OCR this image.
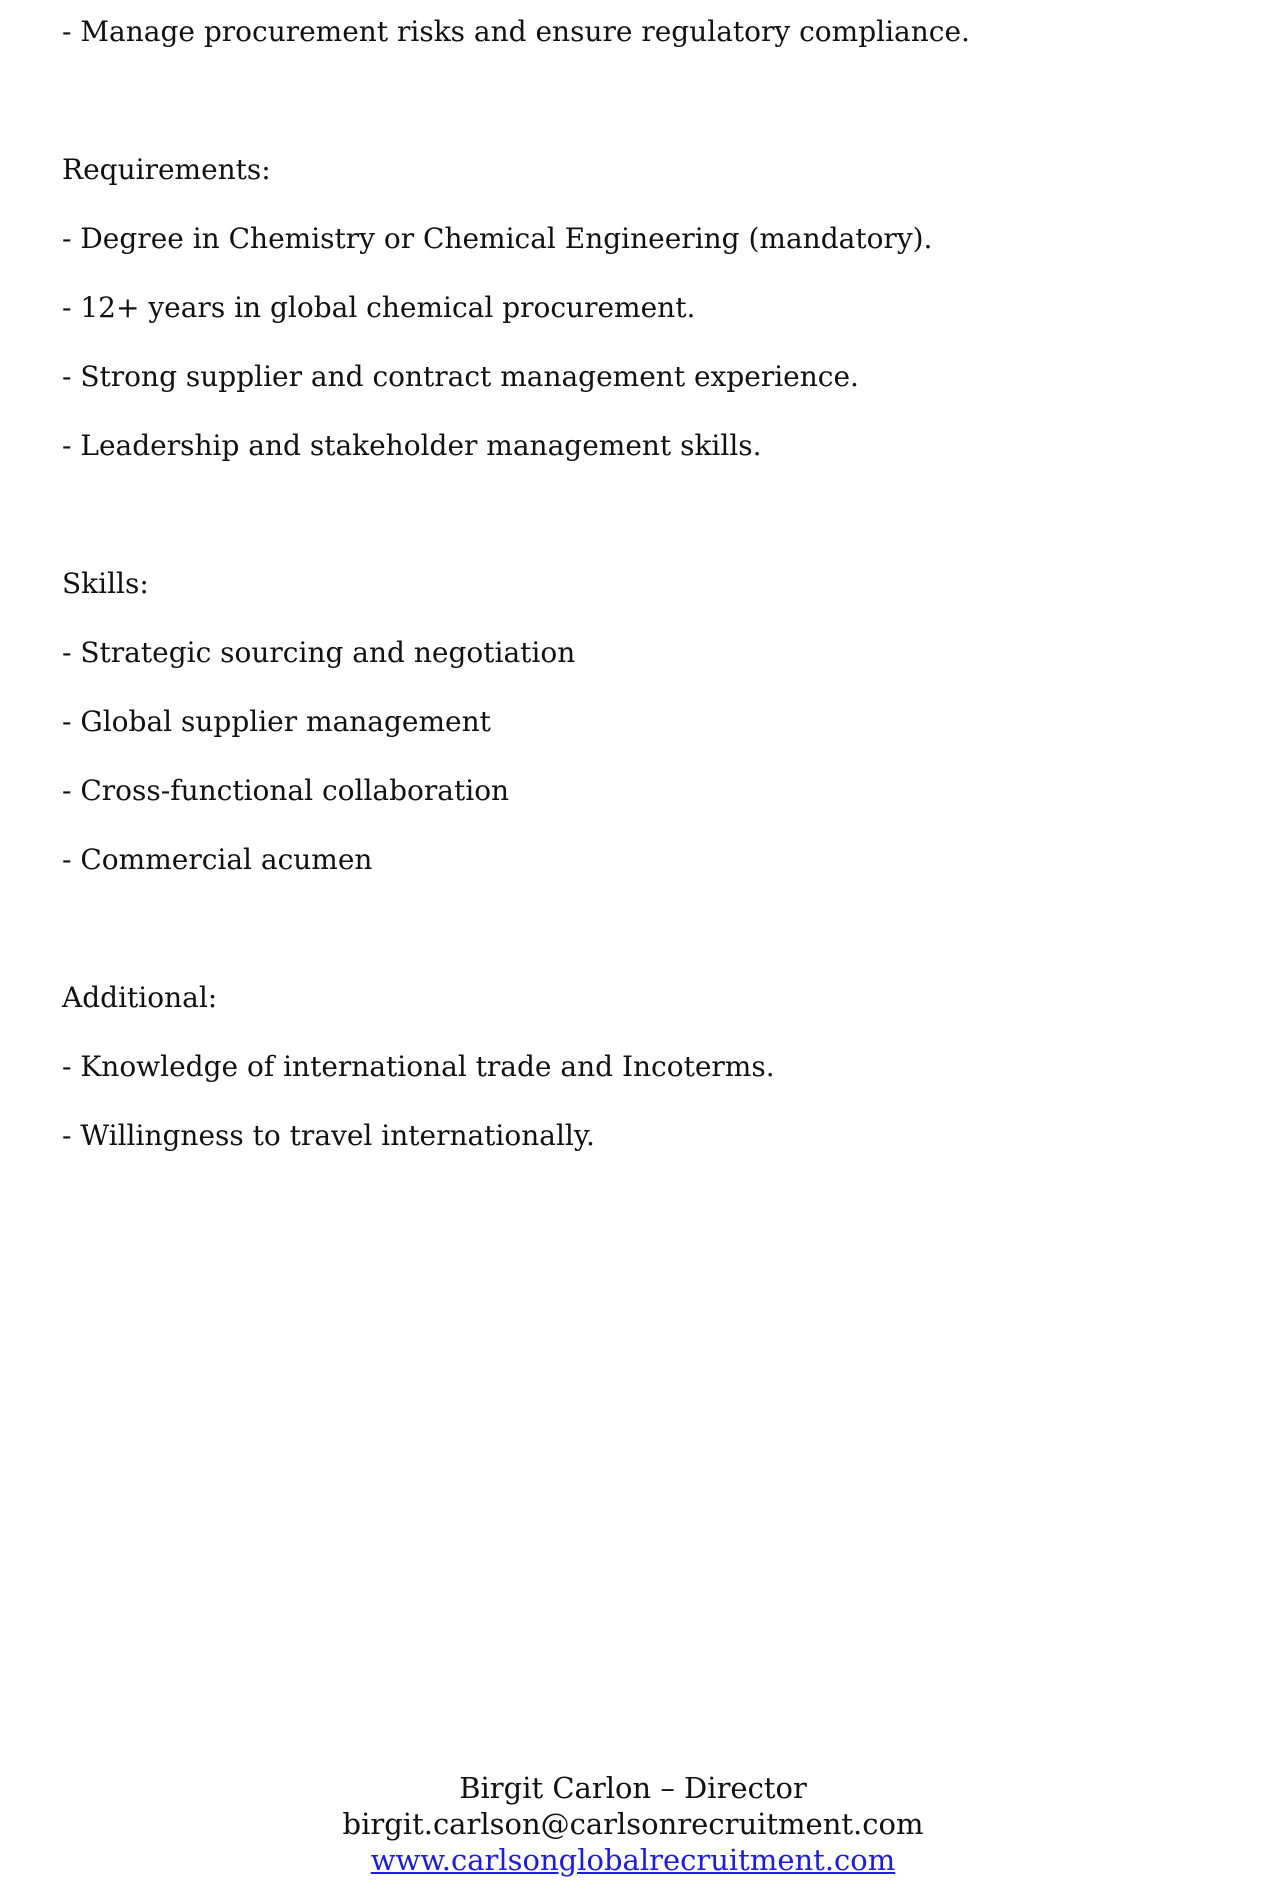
- Manage procurement risks and ensure regulatory compliance.
Requirements:
- Degree in Chemistry or Chemical Engineering (mandatory).
- 12+ years in global chemical procurement.
- Strong supplier and contract management experience.
- Leadership and stakeholder management skills.
Skills:
- Strategic sourcing and negotiation
- Global supplier management
- Cross-functional collaboration
- Commercial acumen
Additional:
- Knowledge of international trade and Incoterms.
- Willingness to travel internationally.
Birgit Carlon – Director
birgit.carlson@carlsonrecruitment.com
www.carlsonglobalrecruitment.com
